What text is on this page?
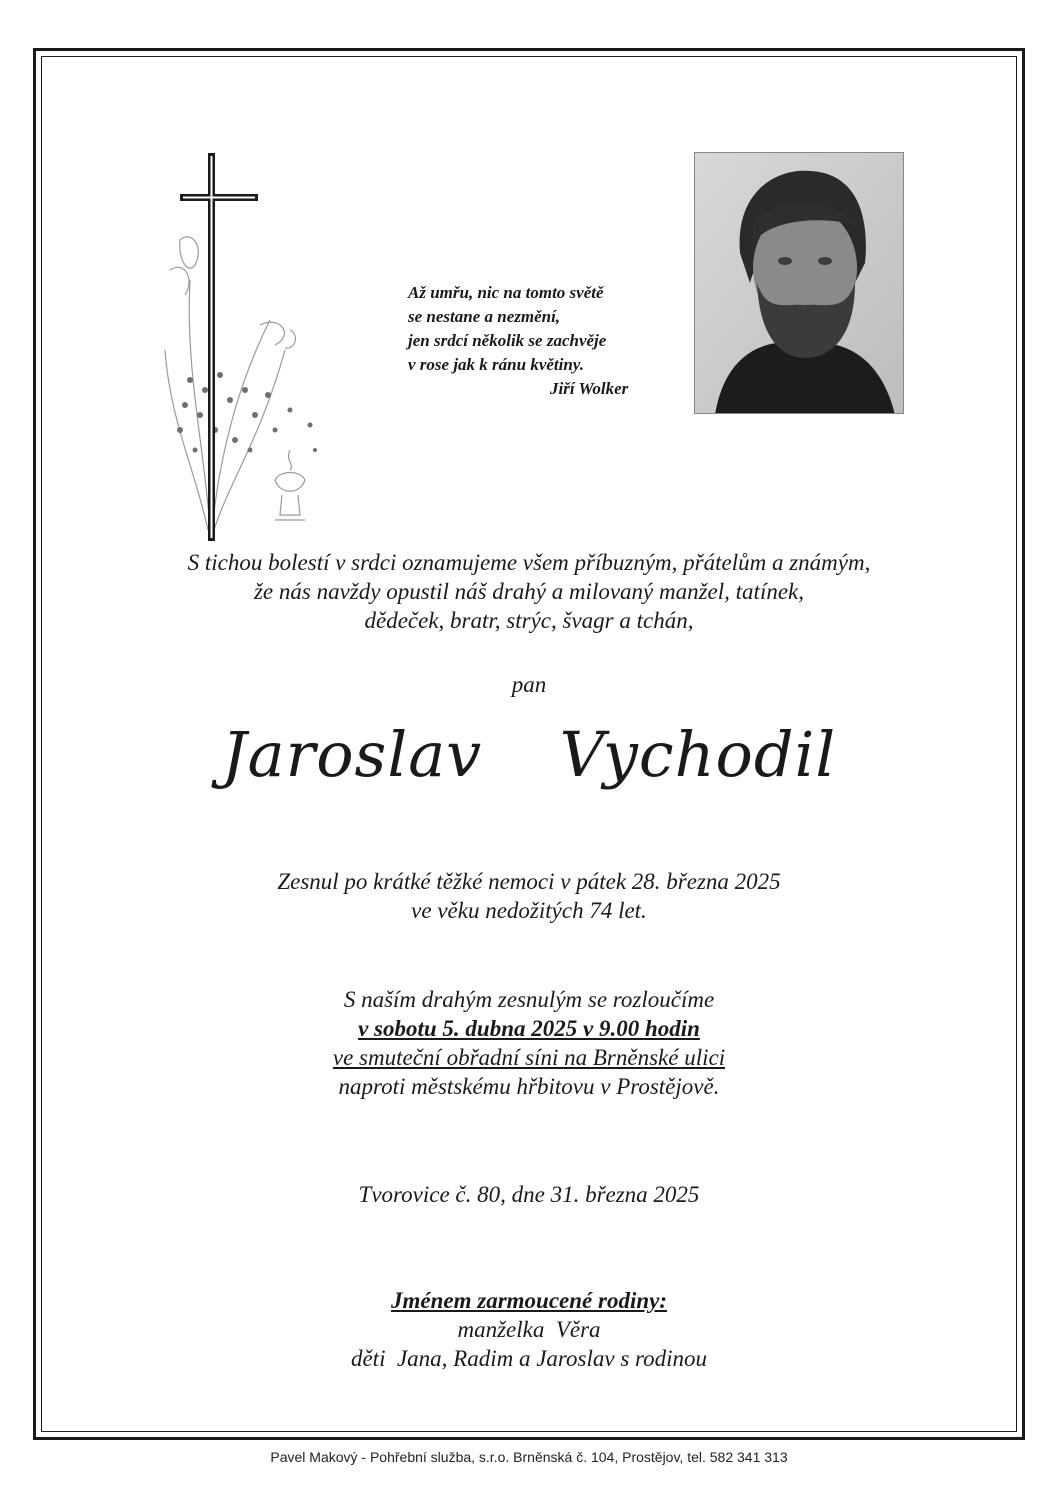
Až umřu, nic na tomto světě
se nestane a nezmění,
jen srdcí několik se zachvěje
v rose jak k ránu květiny.
Jiří Wolker
S tichou bolestí v srdci oznamujeme všem příbuzným, přátelům a známým,
že nás navždy opustil náš drahý a milovaný manžel, tatínek,
dědeček, bratr, strýc, švagr a tchán,
pan
Jaroslav  Vychodil
Zesnul po krátké těžké nemoci v pátek 28. března 2025
ve věku nedožitých 74 let.
S naším drahým zesnulým se rozloučíme
v sobotu 5. dubna 2025 v 9.00 hodin
ve smuteční obřadní síni na Brněnské ulici
naproti městskému hřbitovu v Prostějově.
Tvorovice č. 80, dne 31. března 2025
Jménem zarmoucené rodiny:
manželka  Věra
děti  Jana, Radim a Jaroslav s rodinou
Pavel Makový - Pohřební služba, s.r.o. Brněnská č. 104, Prostějov, tel. 582 341 313
